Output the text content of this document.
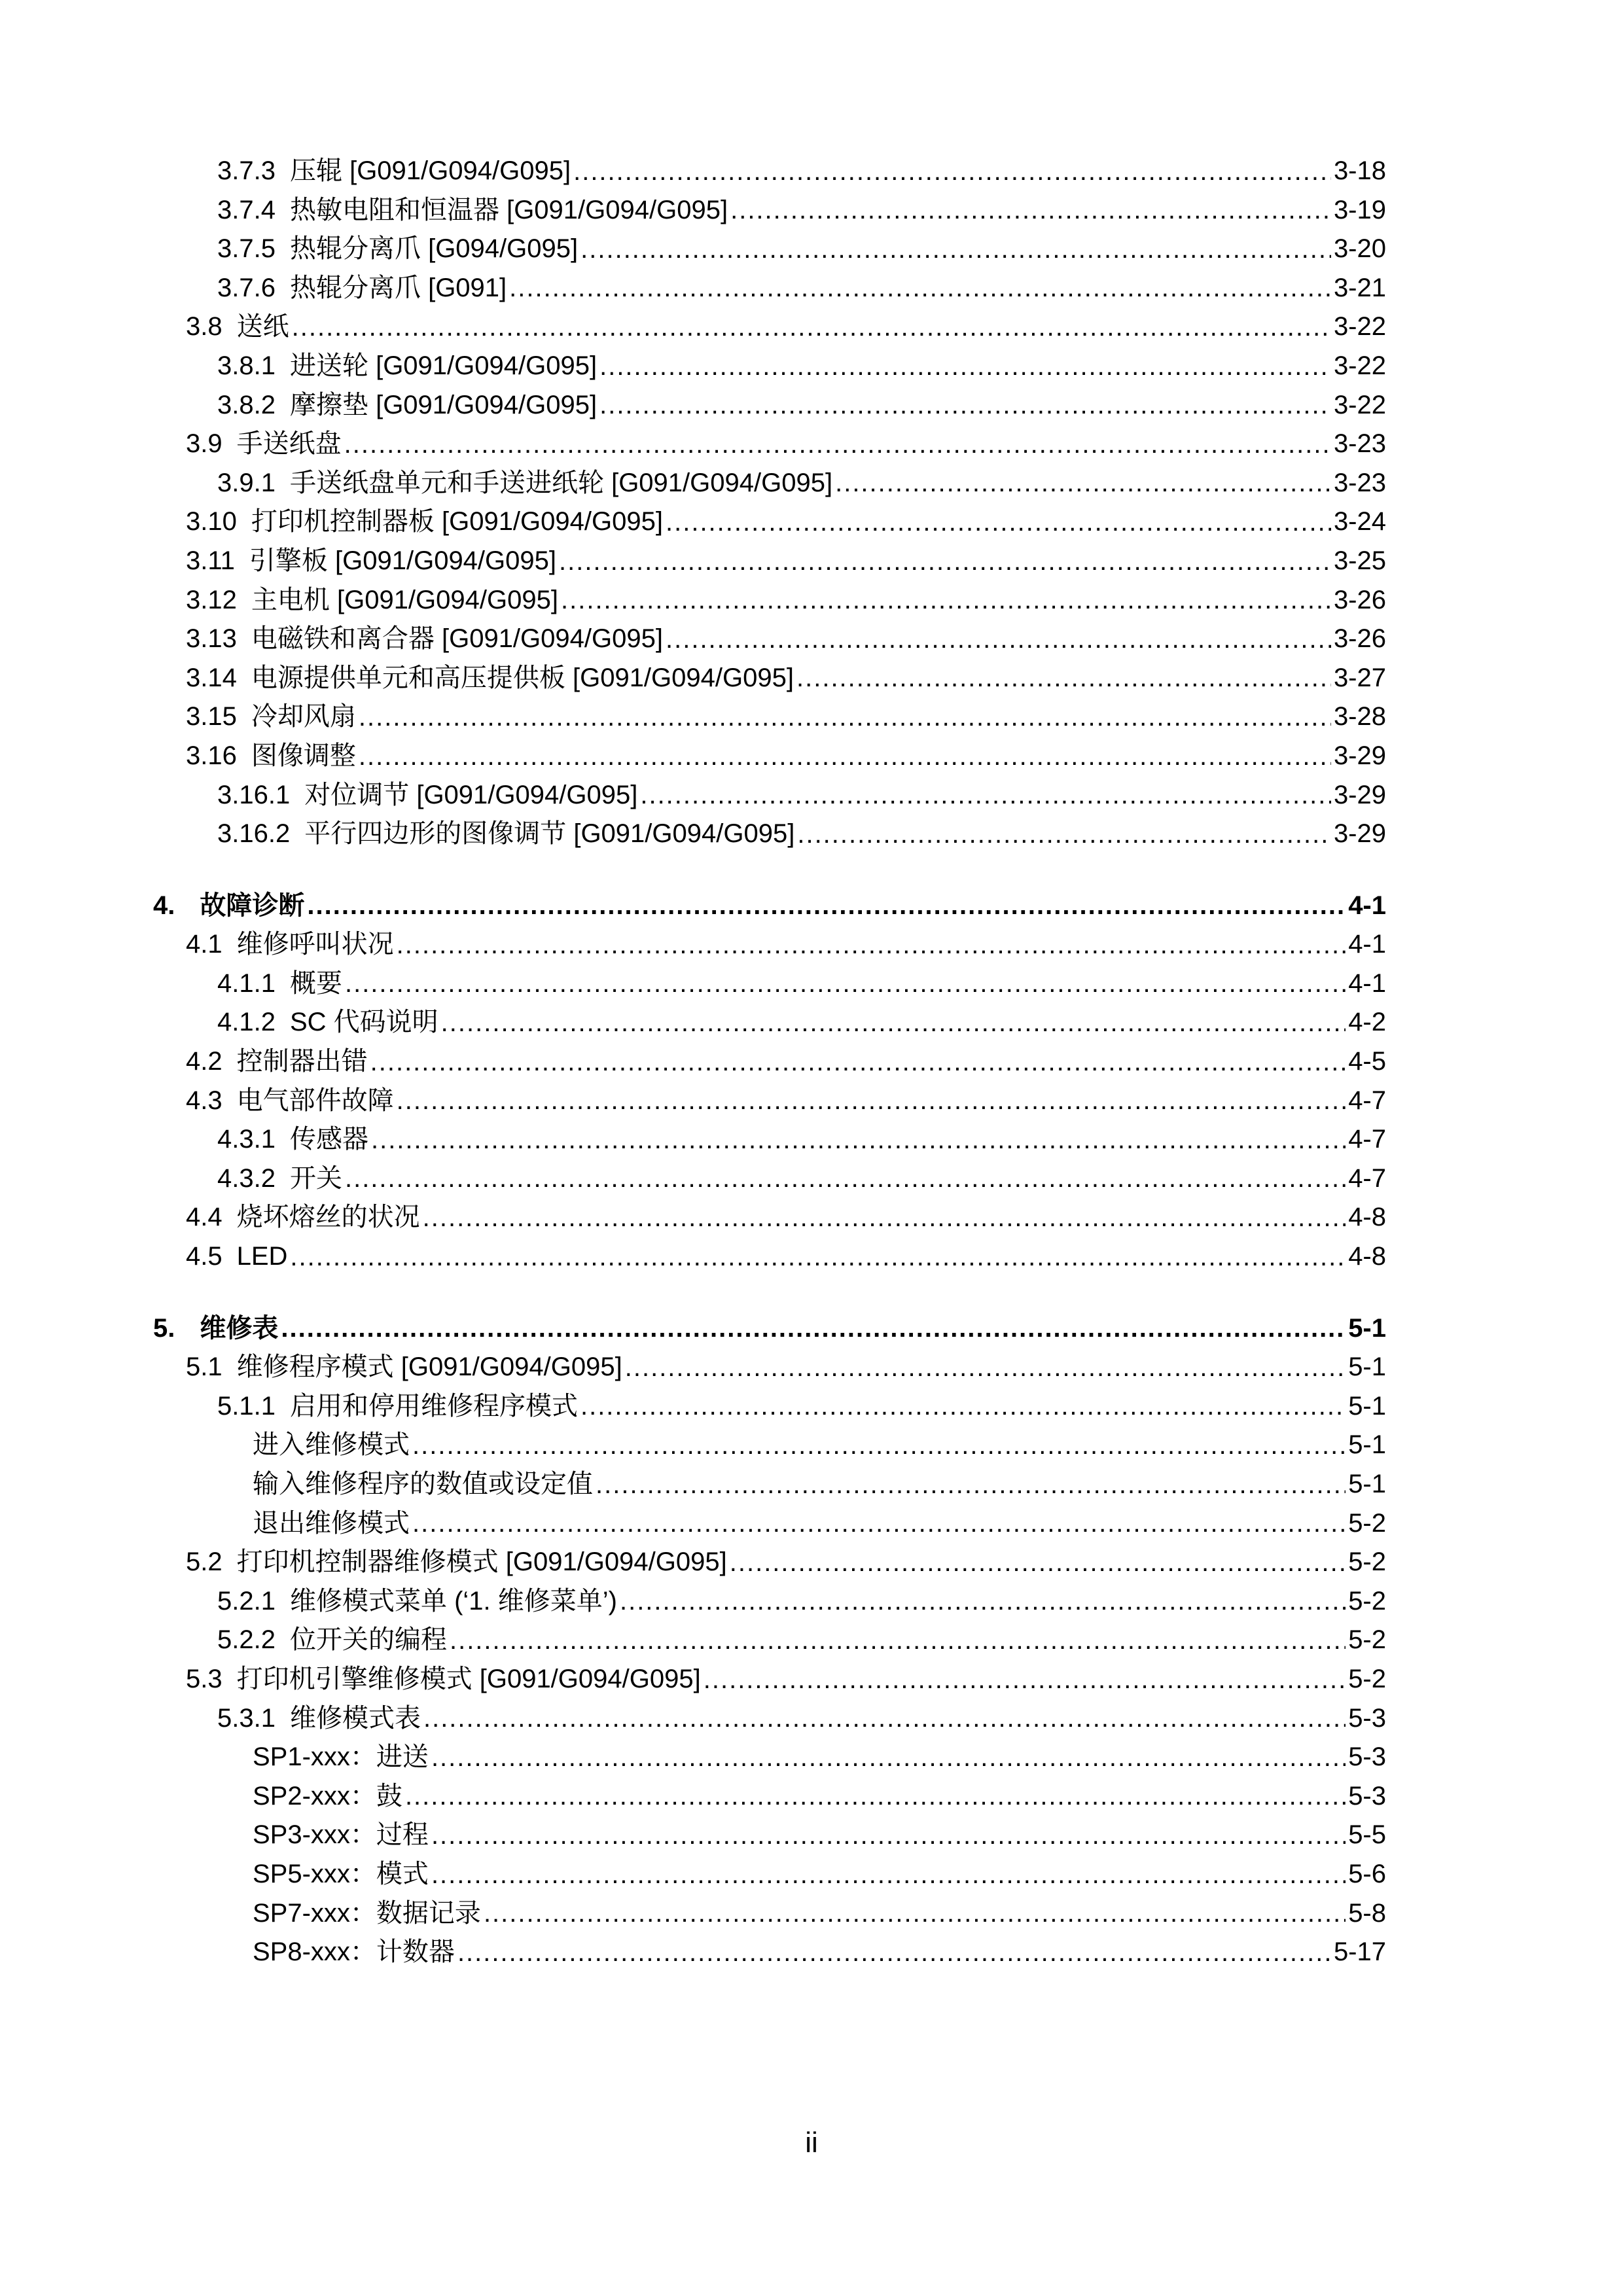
3.7.3 压辊 [G091/G094/G095] .....	3-18
3.7.4 热敏电阻和恒温器 [G091/G094/G095] .....	3-19
3.7.5 热辊分离爪 [G094/G095] .....	3-20
3.7.6 热辊分离爪 [G091] .....	3-21
3.8 送纸 .....	3-22
3.8.1 进送轮 [G091/G094/G095] .....	3-22
3.8.2 摩擦垫 [G091/G094/G095] .....	3-22
3.9 手送纸盘 .....	3-23
3.9.1 手送纸盘单元和手送进纸轮 [G091/G094/G095] .....	3-23
3.10 打印机控制器板 [G091/G094/G095] .....	3-24
3.11 引擎板 [G091/G094/G095] .....	3-25
3.12 主电机 [G091/G094/G095] .....	3-26
3.13 电磁铁和离合器 [G091/G094/G095] .....	3-26
3.14 电源提供单元和高压提供板 [G091/G094/G095] .....	3-27
3.15 冷却风扇 .....	3-28
3.16 图像调整 .....	3-29
3.16.1 对位调节 [G091/G094/G095] .....	3-29
3.16.2 平行四边形的图像调节 [G091/G094/G095] .....	3-29
4. 故障诊断 .....	4-1
4.1 维修呼叫状况 .....	4-1
4.1.1 概要 .....	4-1
4.1.2 SC 代码说明 .....	4-2
4.2 控制器出错 .....	4-5
4.3 电气部件故障 .....	4-7
4.3.1 传感器 .....	4-7
4.3.2 开关 .....	4-7
4.4 烧坏熔丝的状况 .....	4-8
4.5 LED .....	4-8
5. 维修表 .....	5-1
5.1 维修程序模式 [G091/G094/G095] .....	5-1
5.1.1 启用和停用维修程序模式 .....	5-1
进入维修模式 .....	5-1
输入维修程序的数值或设定值 .....	5-1
退出维修模式 .....	5-2
5.2 打印机控制器维修模式 [G091/G094/G095] .....	5-2
5.2.1 维修模式菜单 (‘1. 维修菜单’) .....	5-2
5.2.2 位开关的编程 .....	5-2
5.3 打印机引擎维修模式 [G091/G094/G095] .....	5-2
5.3.1 维修模式表 .....	5-3
SP1-xxx：进送 .....	5-3
SP2-xxx：鼓 .....	5-3
SP3-xxx：过程 .....	5-5
SP5-xxx：模式 .....	5-6
SP7-xxx：数据记录 .....	5-8
SP8-xxx：计数器 .....	5-17
ii
